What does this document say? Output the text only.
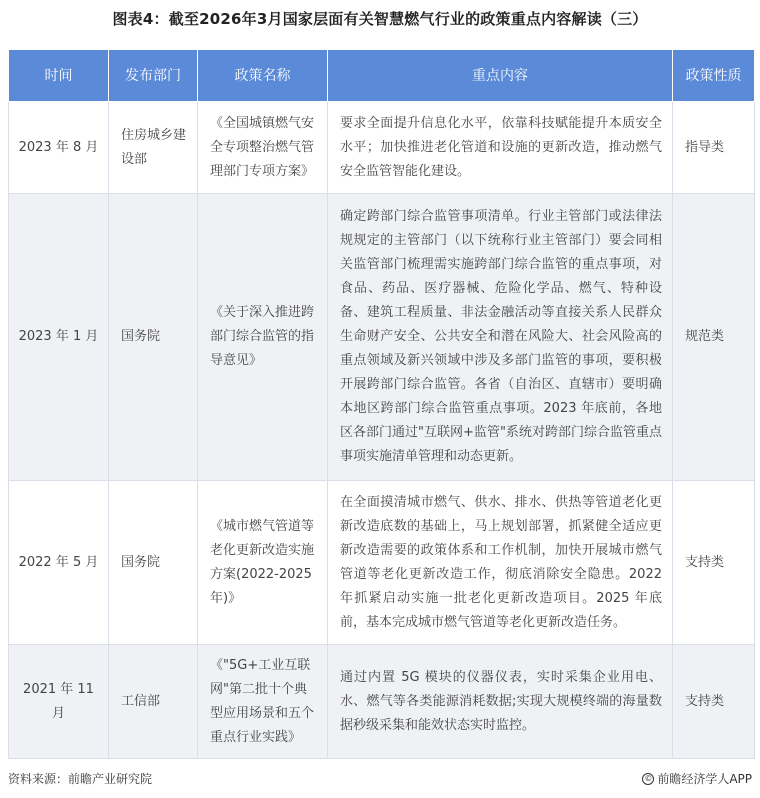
图表4：截至2026年3月国家层面有关智慧燃气行业的政策重点内容解读（三）
时间	发布部门	政策名称	重点内容	政策性质
2023 年 8 月	住房城乡建设部	《全国城镇燃气安全专项整治燃气管理部门专项方案》	要求全面提升信息化水平，依靠科技赋能提升本质安全水平；加快推进老化管道和设施的更新改造，推动燃气安全监管智能化建设。	指导类
2023 年 1 月	国务院	《关于深入推进跨部门综合监管的指导意见》	确定跨部门综合监管事项清单。行业主管部门或法律法规规定的主管部门（以下统称行业主管部门）要会同相关监管部门梳理需实施跨部门综合监管的重点事项，对食品、药品、医疗器械、危险化学品、燃气、特种设备、建筑工程质量、非法金融活动等直接关系人民群众生命财产安全、公共安全和潜在风险大、社会风险高的重点领域及新兴领域中涉及多部门监管的事项，要积极开展跨部门综合监管。各省（自治区、直辖市）要明确本地区跨部门综合监管重点事项。2023 年底前，各地区各部门通过"互联网+监管"系统对跨部门综合监管重点事项实施清单管理和动态更新。	规范类
2022 年 5 月	国务院	《城市燃气管道等老化更新改造实施方案(2022-2025年)》	在全面摸清城市燃气、供水、排水、供热等管道老化更新改造底数的基础上，马上规划部署，抓紧健全适应更新改造需要的政策体系和工作机制，加快开展城市燃气管道等老化更新改造工作，彻底消除安全隐患。2022 年抓紧启动实施一批老化更新改造项目。2025 年底前，基本完成城市燃气管道等老化更新改造任务。	支持类
2021 年 11 月	工信部	《"5G+工业互联网"第二批十个典型应用场景和五个重点行业实践》	通过内置 5G 模块的仪器仪表，实时采集企业用电、水、燃气等各类能源消耗数据;实现大规模终端的海量数据秒级采集和能效状态实时监控。	支持类
资料来源：前瞻产业研究院	© 前瞻经济学人APP
